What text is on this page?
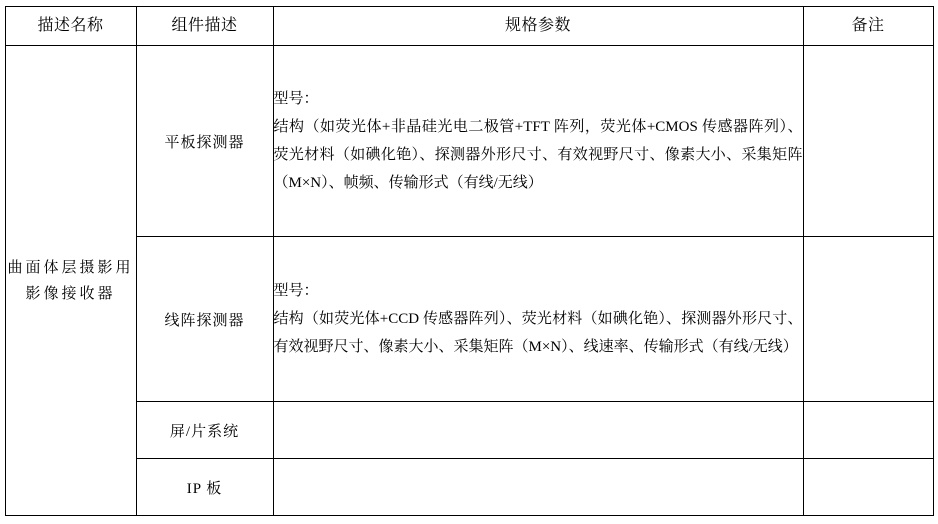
描述名称	组件描述	规格参数	备注
曲面体层摄影用影像接收器	平板探测器	型号：
结构（如荧光体+非晶硅光电二极管+TFT 阵列，荧光体+CMOS 传感器阵列）、荧光材料（如碘化铯）、探测器外形尺寸、有效视野尺寸、像素大小、采集矩阵（M×N）、帧频、传输形式（有线/无线）	

	线阵探测器	型号：
结构（如荧光体+CCD 传感器阵列）、荧光材料（如碘化铯）、探测器外形尺寸、有效视野尺寸、像素大小、采集矩阵（M×N）、线速率、传输形式（有线/无线）	

	屏/片系统		
	IP 板		
